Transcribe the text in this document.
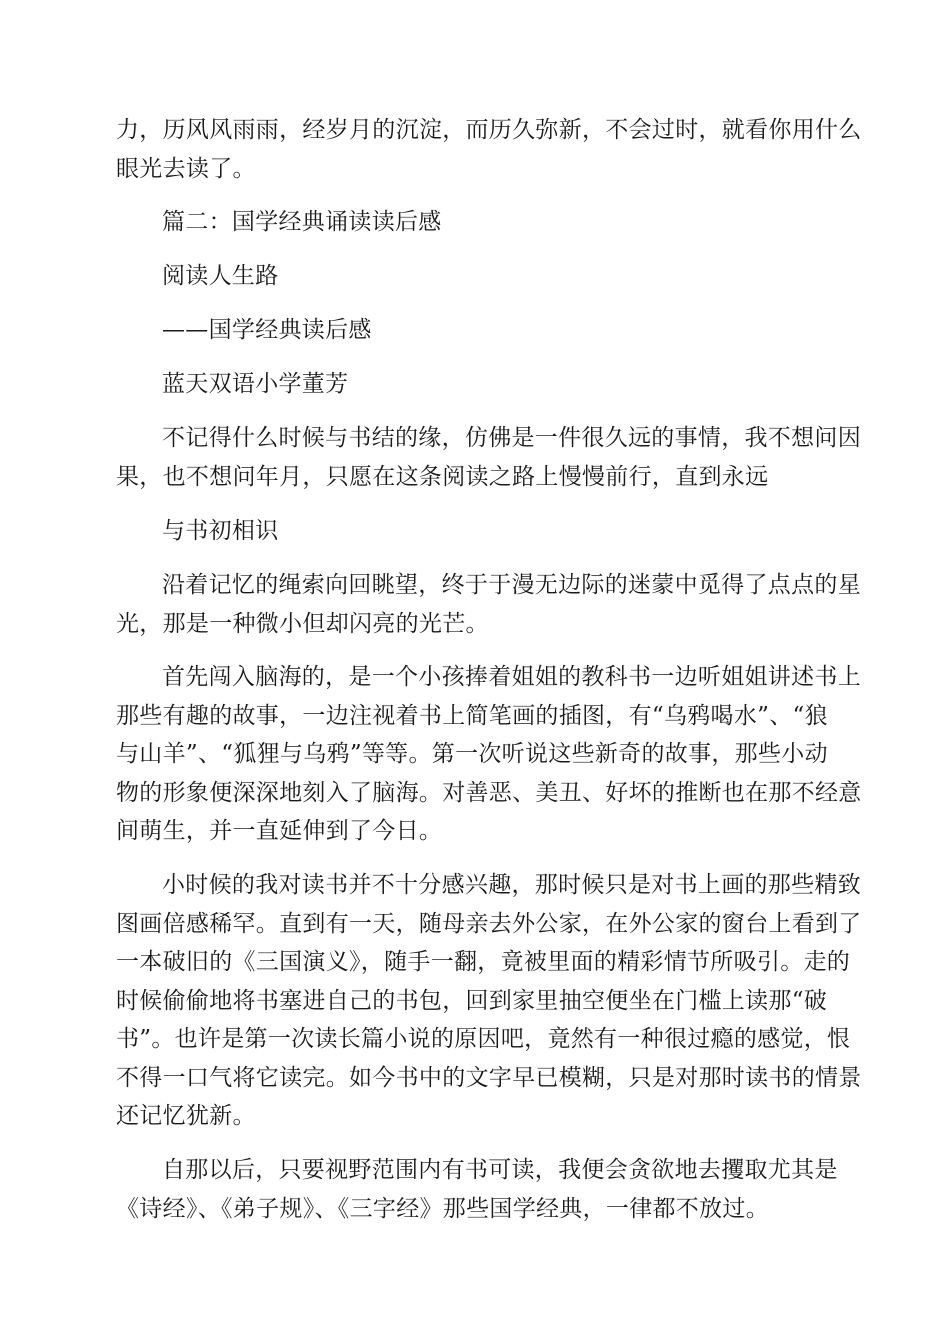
力，历风风雨雨，经岁月的沉淀，而历久弥新，不会过时，就看你用什么
眼光去读了。
篇二：国学经典诵读读后感
阅读人生路
——国学经典读后感
蓝天双语小学董芳
不记得什么时候与书结的缘，仿佛是一件很久远的事情，我不想问因
果，也不想问年月，只愿在这条阅读之路上慢慢前行，直到永远
与书初相识
沿着记忆的绳索向回眺望，终于于漫无边际的迷蒙中觅得了点点的星
光，那是一种微小但却闪亮的光芒。
首先闯入脑海的，是一个小孩捧着姐姐的教科书一边听姐姐讲述书上
那些有趣的故事，一边注视着书上简笔画的插图，有“乌鸦喝水”、“狼
与山羊”、“狐狸与乌鸦”等等。第一次听说这些新奇的故事，那些小动
物的形象便深深地刻入了脑海。对善恶、美丑、好坏的推断也在那不经意
间萌生，并一直延伸到了今日。
小时候的我对读书并不十分感兴趣，那时候只是对书上画的那些精致
图画倍感稀罕。直到有一天，随母亲去外公家，在外公家的窗台上看到了
一本破旧的《三国演义》，随手一翻，竟被里面的精彩情节所吸引。走的
时候偷偷地将书塞进自己的书包，回到家里抽空便坐在门槛上读那“破
书”。也许是第一次读长篇小说的原因吧，竟然有一种很过瘾的感觉，恨
不得一口气将它读完。如今书中的文字早已模糊，只是对那时读书的情景
还记忆犹新。
自那以后，只要视野范围内有书可读，我便会贪欲地去攫取尤其是
《诗经》、《弟子规》、《三字经》那些国学经典，一律都不放过。
